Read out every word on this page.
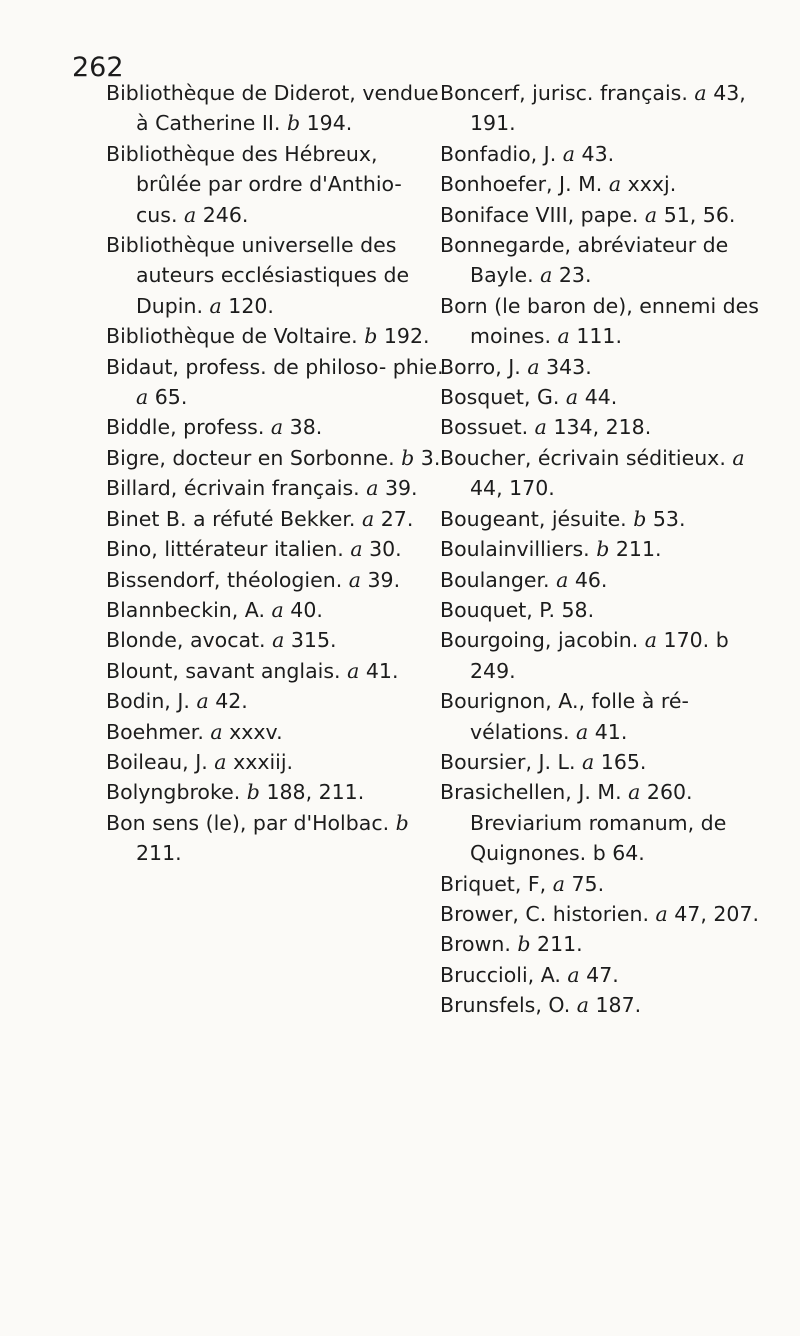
262
Bibliothèque de Diderot, vendue à Catherine II. b 194.
Bibliothèque des Hébreux, brûlée par ordre d'Anthio- cus. a 246.
Bibliothèque universelle des auteurs ecclésiastiques de Dupin. a 120.
Bibliothèque de Voltaire. b 192.
Bidaut, profess. de philoso- phie. a 65.
Biddle, profess. a 38.
Bigre, docteur en Sorbonne. b 3.
Billard, écrivain français. a 39.
Binet B. a réfuté Bekker. a 27.
Bino, littérateur italien. a 30.
Bissendorf, théologien. a 39.
Blannbeckin, A. a 40.
Blonde, avocat. a 315.
Blount, savant anglais. a 41.
Bodin, J. a 42.
Boehmer. a xxxv.
Boileau, J. a xxxiij.
Bolyngbroke. b 188, 211.
Bon sens (le), par d'Holbac. b 211.
Boncerf, jurisc. français. a 43, 191.
Bonfadio, J. a 43.
Bonhoefer, J. M. a xxxj.
Boniface VIII, pape. a 51, 56.
Bonnegarde, abréviateur de Bayle. a 23.
Born (le baron de), ennemi des moines. a 111.
Borro, J. a 343.
Bosquet, G. a 44.
Bossuet. a 134, 218.
Boucher, écrivain séditieux. a 44, 170.
Bougeant, jésuite. b 53.
Boulainvilliers. b 211.
Boulanger. a 46.
Bouquet, P. 58.
Bourgoing, jacobin. a 170. b 249.
Bourignon, A., folle à ré- vélations. a 41.
Boursier, J. L. a 165.
Brasichellen, J. M. a 260. Breviarium romanum, de Quignones. b 64.
Briquet, F, a 75.
Brower, C. historien. a 47, 207.
Brown. b 211.
Bruccioli, A. a 47.
Brunsfels, O. a 187.
